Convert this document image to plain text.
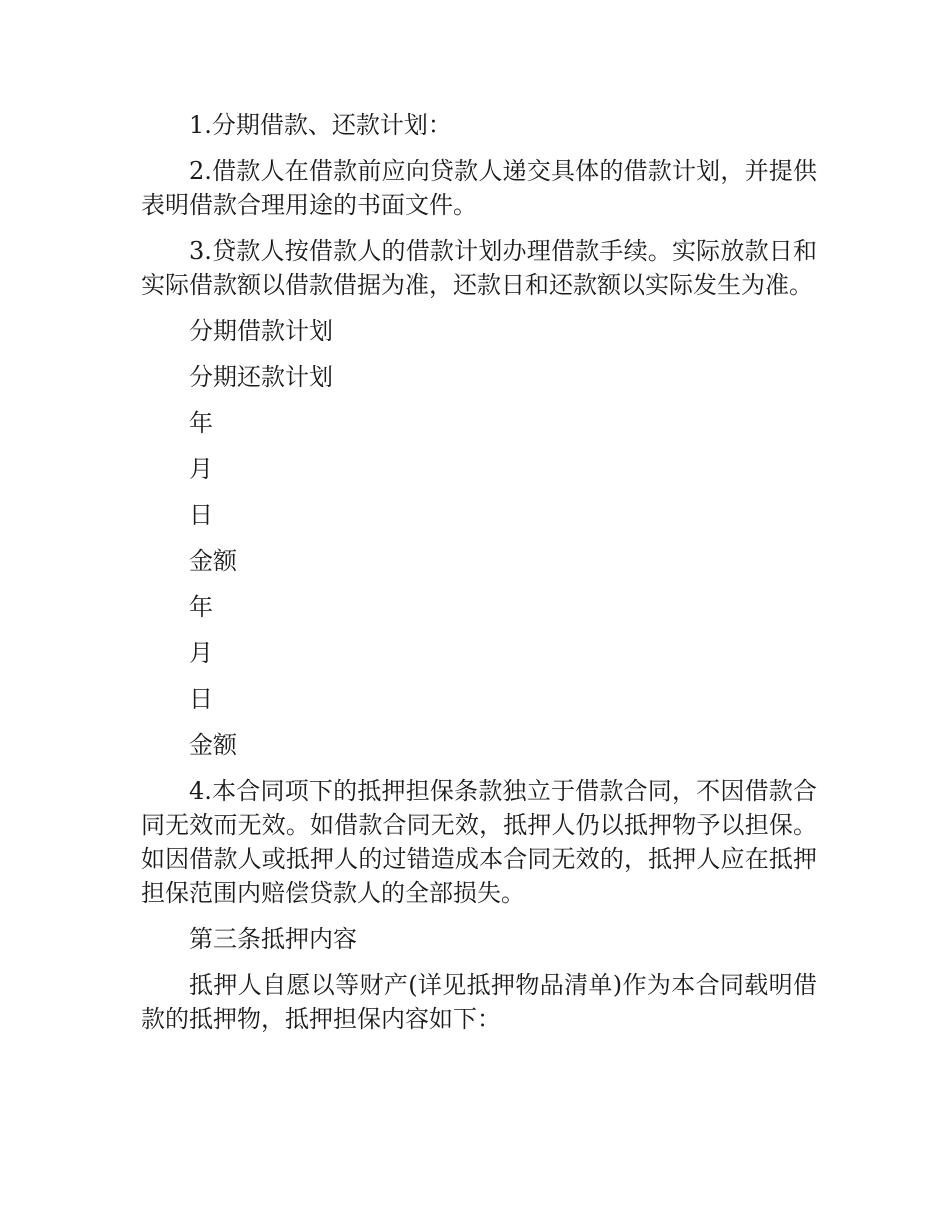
1.分期借款、还款计划：

2.借款人在借款前应向贷款人递交具体的借款计划，并提供表明借款合理用途的书面文件。

3.贷款人按借款人的借款计划办理借款手续。实际放款日和实际借款额以借款借据为准，还款日和还款额以实际发生为准。

分期借款计划

分期还款计划

年

月

日

金额

年

月

日

金额

4.本合同项下的抵押担保条款独立于借款合同，不因借款合同无效而无效。如借款合同无效，抵押人仍以抵押物予以担保。如因借款人或抵押人的过错造成本合同无效的，抵押人应在抵押担保范围内赔偿贷款人的全部损失。

第三条抵押内容

抵押人自愿以等财产(详见抵押物品清单)作为本合同载明借款的抵押物，抵押担保内容如下：
